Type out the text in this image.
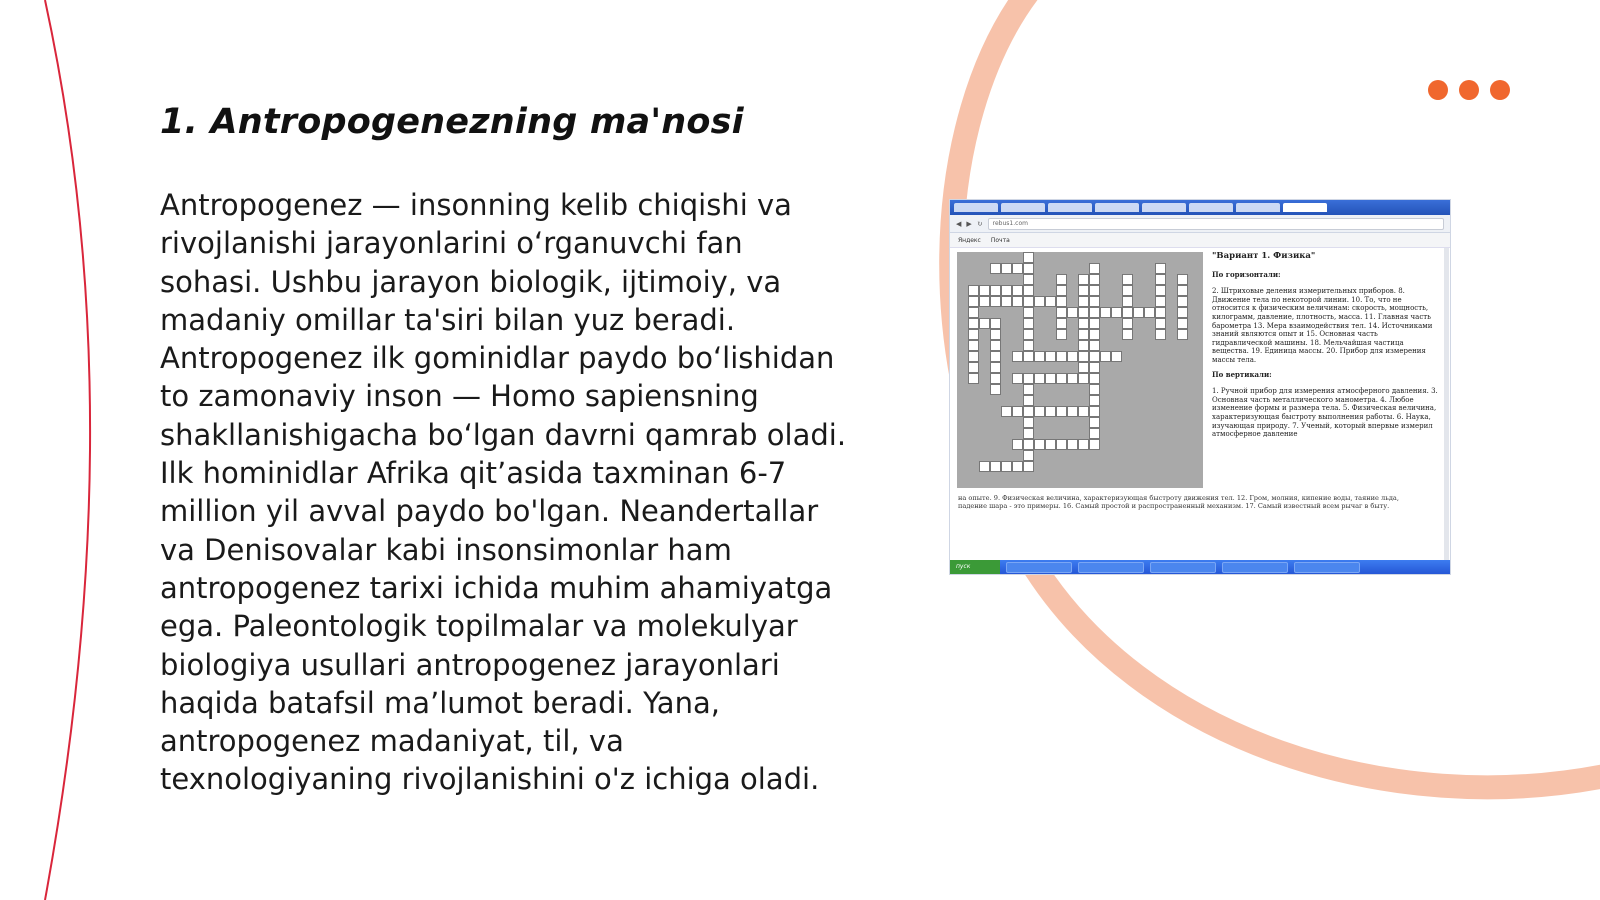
1. Antropogenezning ma'nosi

Antropogenez — insonning kelib chiqishi va rivojlanishi jarayonlarini o‘rganuvchi fan sohasi. Ushbu jarayon biologik, ijtimoiy, va madaniy omillar ta'siri bilan yuz beradi. Antropogenez ilk gominidlar paydo bo‘lishidan to zamonaviy inson — Homo sapiensning shakllanishigacha bo‘lgan davrni qamrab oladi. Ilk hominidlar Afrika qit’asida taxminan 6-7 million yil avval paydo bo'lgan. Neandertallar va Denisovalar kabi insonsimonlar ham antropogenez tarixi ichida muhim ahamiyatga ega. Paleontologik topilmalar va molekulyar biologiya usullari antropogenez jarayonlari haqida batafsil ma’lumot beradi. Yana, antropogenez madaniyat, til, va texnologiyaning rivojlanishini o'z ichiga oladi.

◀ ▶ ↻	rebus1.com
Яндекс Почта
"Вариант 1. Физика"
По горизонтали:
2. Штриховые деления измерительных приборов. 8. Движение тела по некоторой линии. 10. То, что не относится к физическим величинам: скорость, мощность, килограмм, давление, плотность, масса. 11. Главная часть барометра 13. Мера взаимодействия тел. 14. Источниками знаний являются опыт и 15. Основная часть гидравлической машины. 18. Мельчайшая частица вещества. 19. Единица массы. 20. Прибор для измерения массы тела.
По вертикали:
1. Ручной прибор для измерения атмосферного давления. 3. Основная часть металлического манометра. 4. Любое изменение формы и размера тела. 5. Физическая величина, характеризующая быстроту выполнения работы. 6. Наука, изучающая природу. 7. Ученый, который впервые измерил атмосферное давление
на опыте. 9. Физическая величина, характеризующая быстроту движения тел. 12. Гром, молния, кипение воды, таяние льда, падение шара - это примеры. 16. Самый простой и распространенный механизм. 17. Самый известный всем рычаг в быту.
пуск
